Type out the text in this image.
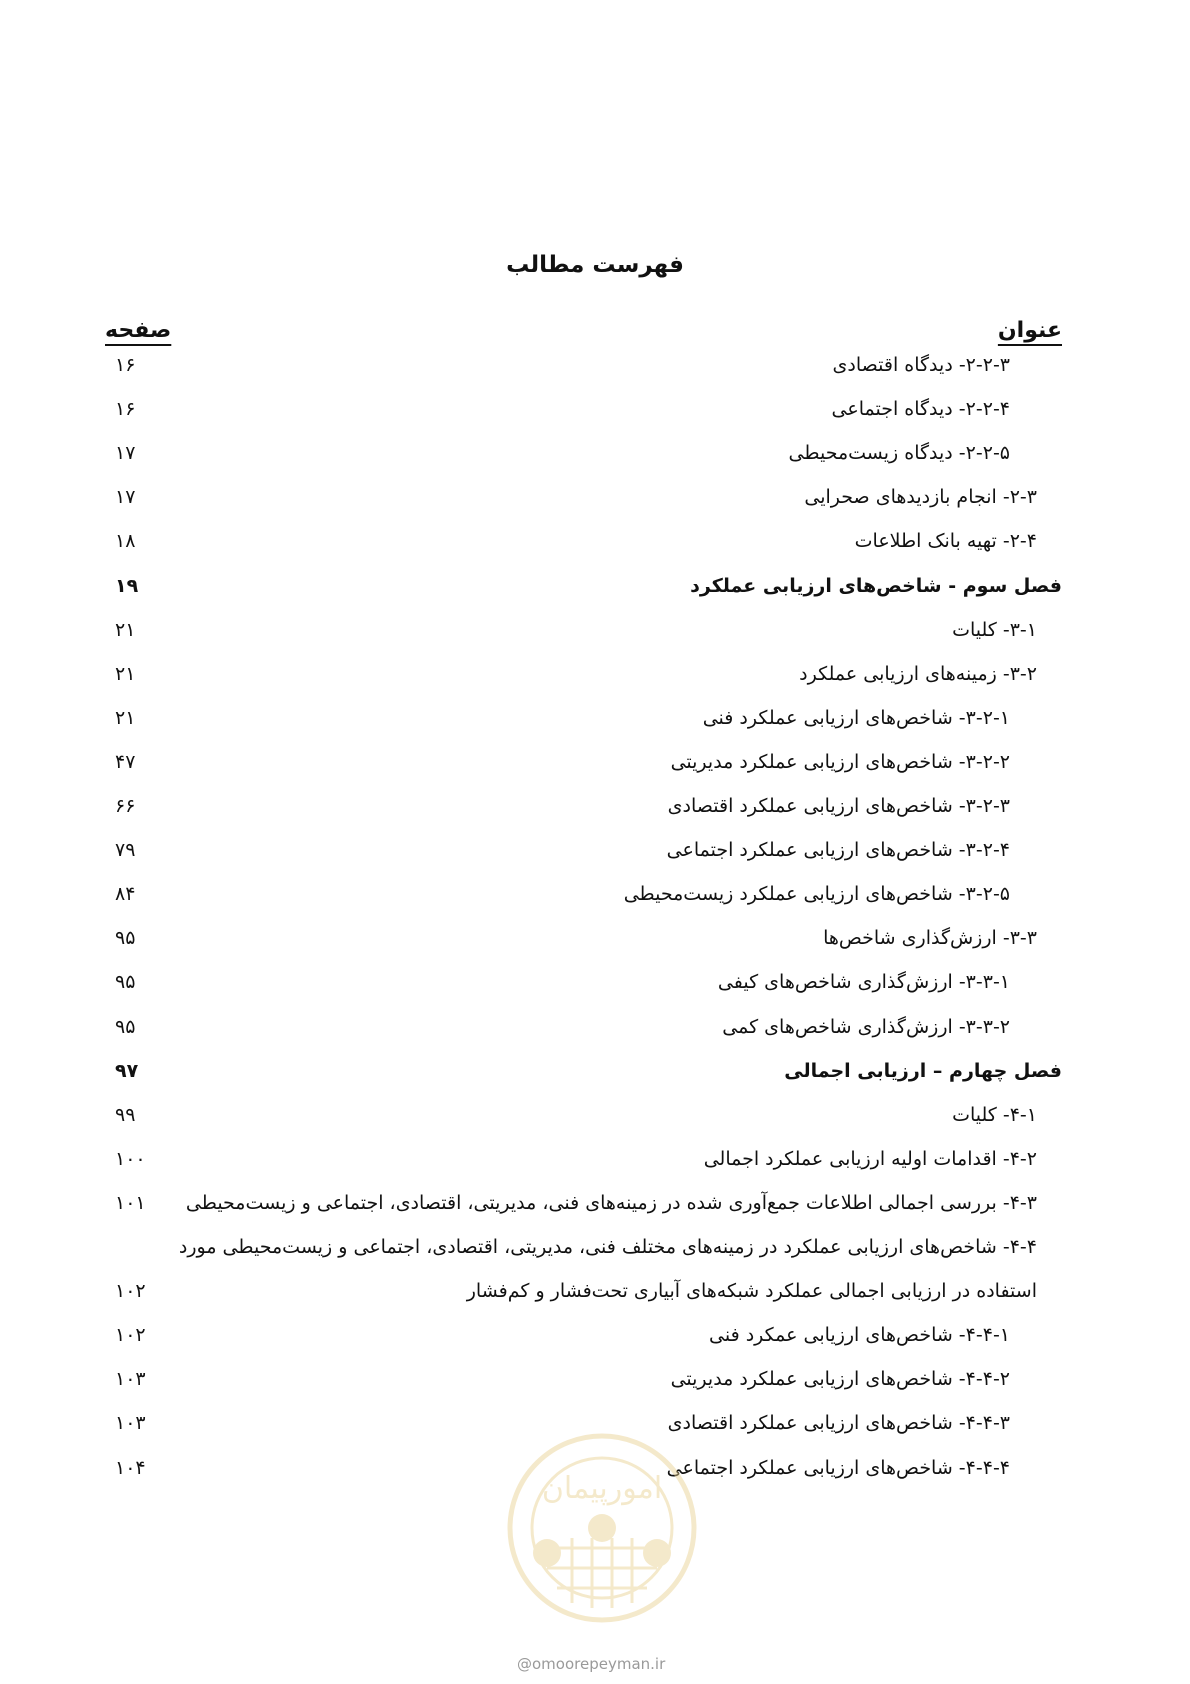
فهرست مطالب
عنوان
صفحه
۲-۲-۳- دیدگاه اقتصادی
۱۶
۲-۲-۴- دیدگاه اجتماعی
۱۶
۲-۲-۵- دیدگاه زیست‌محیطی
۱۷
۲-۳- انجام بازدیدهای صحرایی
۱۷
۲-۴- تهیه بانک اطلاعات
۱۸
فصل سوم - شاخص‌های ارزیابی عملکرد
۱۹
۳-۱- کلیات
۲۱
۳-۲- زمینه‌های ارزیابی عملکرد
۲۱
۳-۲-۱- شاخص‌های ارزیابی عملکرد فنی
۲۱
۳-۲-۲- شاخص‌های ارزیابی عملکرد مدیریتی
۴۷
۳-۲-۳- شاخص‌های ارزیابی عملکرد اقتصادی
۶۶
۳-۲-۴- شاخص‌های ارزیابی عملکرد اجتماعی
۷۹
۳-۲-۵- شاخص‌های ارزیابی عملکرد زیست‌محیطی
۸۴
۳-۳- ارزش‌گذاری شاخص‌ها
۹۵
۳-۳-۱- ارزش‌گذاری شاخص‌های کیفی
۹۵
۳-۳-۲- ارزش‌گذاری شاخص‌های کمی
۹۵
فصل چهارم – ارزیابی اجمالی
۹۷
۴-۱- کلیات
۹۹
۴-۲- اقدامات اولیه ارزیابی عملکرد اجمالی
۱۰۰
۴-۳- بررسی اجمالی اطلاعات جمع‌آوری شده در زمینه‌های فنی، مدیریتی، اقتصادی، اجتماعی و زیست‌محیطی
۱۰۱
۴-۴- شاخص‌های ارزیابی عملکرد در زمینه‌های مختلف فنی، مدیریتی، اقتصادی، اجتماعی و زیست‌محیطی مورد
استفاده در ارزیابی اجمالی عملکرد شبکه‌های آبیاری تحت‌فشار و کم‌فشار
۱۰۲
۴-۴-۱- شاخص‌های ارزیابی عمکرد فنی
۱۰۲
۴-۴-۲- شاخص‌های ارزیابی عملکرد مدیریتی
۱۰۳
۴-۴-۳- شاخص‌های ارزیابی عملکرد اقتصادی
۱۰۳
۴-۴-۴- شاخص‌های ارزیابی عملکرد اجتماعی
۱۰۴
امورپیمان
@omoorepeyman.ir
